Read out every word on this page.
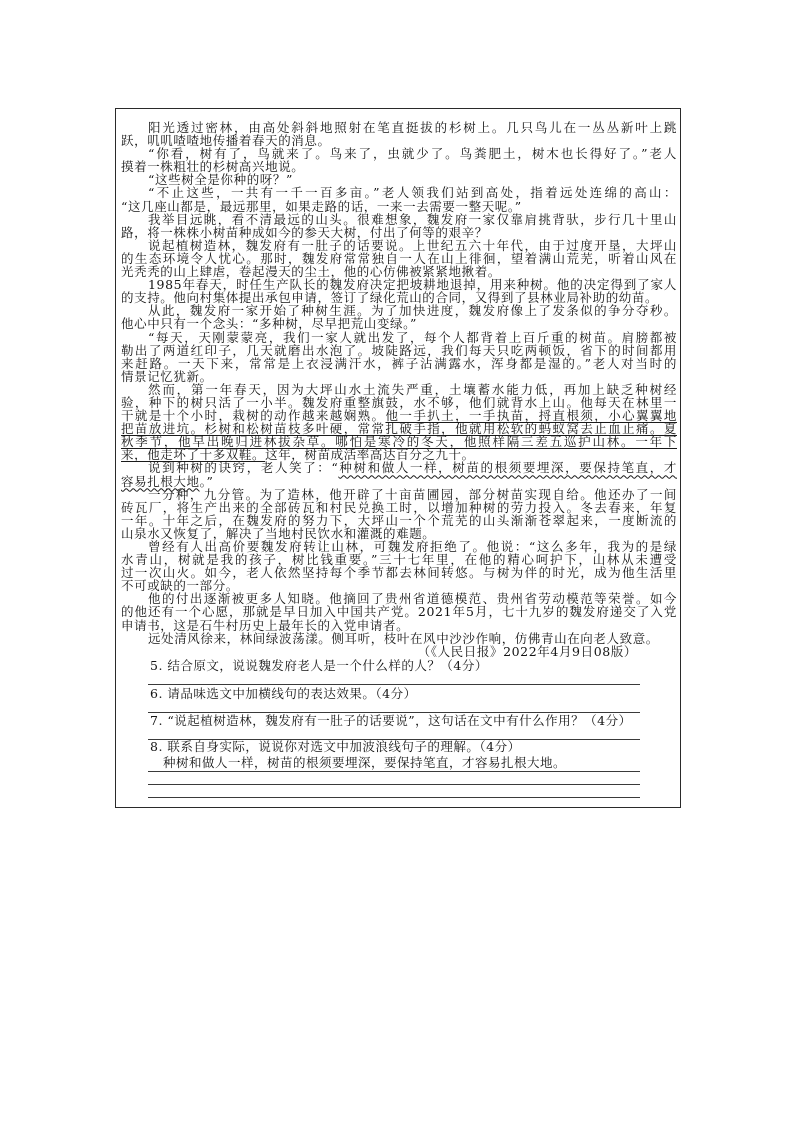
阳光透过密林，由高处斜斜地照射在笔直挺拔的杉树上。几只鸟儿在一丛丛新叶上跳
跃，叽叽喳喳地传播着春天的消息。
“你看，树有了，鸟就来了。鸟来了，虫就少了。鸟粪肥土，树木也长得好了。”老人
摸着一株粗壮的杉树高兴地说。
“这些树全是你种的呀？”
“不止这些，一共有一千一百多亩。”老人领我们站到高处，指着远处连绵的高山：
“这几座山都是，最远那里，如果走路的话，一来一去需要一整天呢。”
我举目远眺，看不清最远的山头。很难想象，魏发府一家仅靠肩挑背驮，步行几十里山
路，将一株株小树苗种成如今的参天大树，付出了何等的艰辛？
说起植树造林，魏发府有一肚子的话要说。上世纪五六十年代，由于过度开垦，大坪山
的生态环境令人忧心。那时，魏发府常常独自一人在山上徘徊，望着满山荒芜，听着山风在
光秃秃的山上肆虐，卷起漫天的尘土，他的心仿佛被紧紧地揪着。
1985年春天，时任生产队长的魏发府决定把坡耕地退掉，用来种树。他的决定得到了家人
的支持。他向村集体提出承包申请，签订了绿化荒山的合同，又得到了县林业局补助的幼苗。
从此，魏发府一家开始了种树生涯。为了加快进度，魏发府像上了发条似的争分夺秒。
他心中只有一个念头：“多种树，尽早把荒山变绿。”
“每天，天刚蒙蒙亮，我们一家人就出发了，每个人都背着上百斤重的树苗。肩膀都被
勒出了两道红印子，几天就磨出水泡了。坡陡路远，我们每天只吃两顿饭，省下的时间都用
来赶路。一天下来，常常是上衣浸满汗水，裤子沾满露水，浑身都是湿的。”老人对当时的
情景记忆犹新。
然而，第一年春天，因为大坪山水土流失严重，土壤蓄水能力低，再加上缺乏种树经
验，种下的树只活了一小半。魏发府重整旗鼓，水不够，他们就背水上山。他每天在林里一
干就是十个小时，栽树的动作越来越娴熟。他一手扒土，一手执苗，捋直根须，小心翼翼地
把苗放进坑。杉树和松树苗枝多叶硬，常常扎破手指，他就用松软的蚂蚁窝去止血止痛。夏
秋季节，他早出晚归进林拔杂草。哪怕是寒冷的冬天，他照样隔三差五巡护山林。一年下
来，他走坏了十多双鞋。这年，树苗成活率高达百分之九十。
说到种树的诀窍，老人笑了：“种树和做人一样，树苗的根须要埋深，要保持笔直，才
容易扎根大地。”
一分种，九分管。为了造林，他开辟了十亩苗圃园，部分树苗实现自给。他还办了一间
砖瓦厂，将生产出来的全部砖瓦和村民兑换工时，以增加种树的劳力投入。冬去春来，年复
一年。十年之后，在魏发府的努力下，大坪山一个个荒芜的山头渐渐苍翠起来，一度断流的
山泉水又恢复了，解决了当地村民饮水和灌溉的难题。
曾经有人出高价要魏发府转让山林，可魏发府拒绝了。他说：“这么多年，我为的是绿
水青山，树就是我的孩子，树比钱重要。”三十七年里，在他的精心呵护下，山林从未遭受
过一次山火。如今，老人依然坚持每个季节都去林间转悠。与树为伴的时光，成为他生活里
不可或缺的一部分。
他的付出逐渐被更多人知晓。他摘回了贵州省道德模范、贵州省劳动模范等荣誉。如今
的他还有一个心愿，那就是早日加入中国共产党。2021年5月，七十九岁的魏发府递交了入党
申请书，这是石牛村历史上最年长的入党申请者。
远处清风徐来，林间绿波荡漾。侧耳听，枝叶在风中沙沙作响，仿佛青山在向老人致意。
（《人民日报》2022年4月9日08版）
5. 结合原文，说说魏发府老人是一个什么样的人？（4分）
6. 请品味选文中加横线句的表达效果。（4分）
7. “说起植树造林，魏发府有一肚子的话要说”，这句话在文中有什么作用？（4分）
8. 联系自身实际，说说你对选文中加波浪线句子的理解。（4分）
种树和做人一样，树苗的根须要埋深，要保持笔直，才容易扎根大地。
